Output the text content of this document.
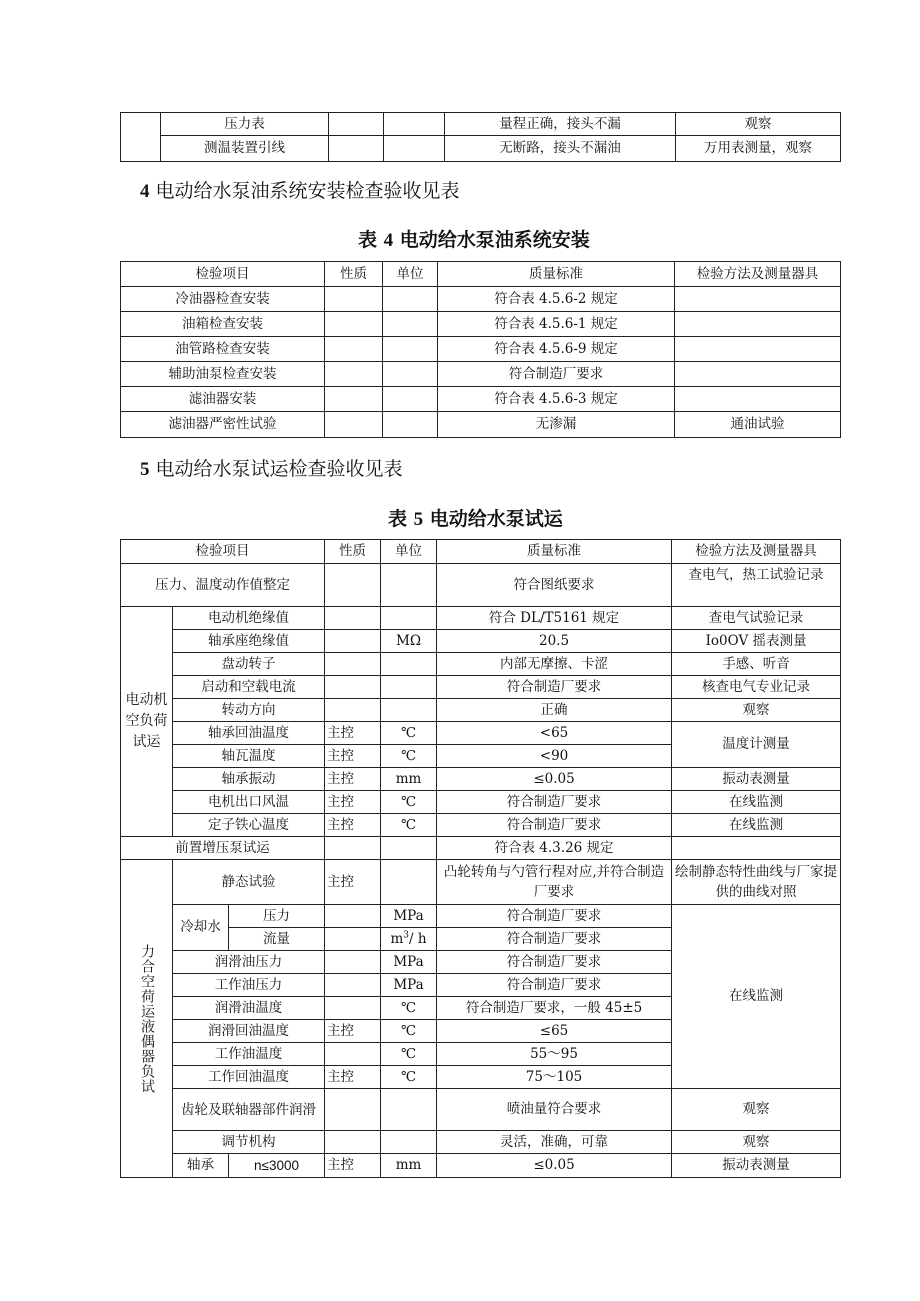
	压力表			量程正确，接头不漏	观察
	测温装置引线			无断路，接头不漏油	万用表测量，观察
4 电动给水泵油系统安装检查验收见表
表 4 电动给水泵油系统安装
检验项目	性质	单位	质量标准	检验方法及测量器具
冷油器检查安装			符合表 4.5.6-2 规定	
油箱检查安装			符合表 4.5.6-1 规定	
油管路检查安装			符合表 4.5.6-9 规定	
辅助油泵检查安装			符合制造厂要求	
滤油器安装			符合表 4.5.6-3 规定	
滤油器严密性试验			无渗漏	通油试验
5 电动给水泵试运检查验收见表
表 5 电动给水泵试运
检验项目			性质	单位	质量标准	检验方法及测量器具
压力、温度动作值整定					符合图纸要求	查电气，热工试验记录
电动机空负荷试运	电动机绝缘值				符合 DL/T5161 规定	查电气试验记录
	轴承座绝缘值			MΩ	20.5	Io0OV 摇表测量
	盘动转子				内部无摩擦、卡涩	手感、听音
	启动和空载电流				符合制造厂要求	核查电气专业记录
	转动方向				正确	观察
	轴承回油温度		主控	℃	<65	温度计测量
	轴瓦温度		主控	℃	<90	
	轴承振动		主控	mm	≤0.05	振动表测量
	电机出口风温		主控	℃	符合制造厂要求	在线监测
	定子铁心温度		主控	℃	符合制造厂要求	在线监测
前置增压泵试运					符合表 4.3.26 规定	

力合空荷运液偶器负试	静态试验		主控		凸轮转角与勺管行程对应,并符合制造厂要求	绘制静态特性曲线与厂家提供的曲线对照
	冷却水	压力		MPa	符合制造厂要求	在线监测
		流量		$m^3/$ h	符合制造厂要求	
	润滑油压力			MPa	符合制造厂要求	
	工作油压力			MPa	符合制造厂要求	
	润滑油温度			℃	符合制造厂要求，一般 45±5	
	润滑回油温度		主控	℃	≤65	
	工作油温度			℃	55～95	
	工作回油温度		主控	℃	75～105	
	齿轮及联轴器部件润滑				喷油量符合要求	观察
	调节机构				灵活，准确，可靠	观察
	轴承	n≤3000	主控	mm	≤0.05	振动表测量
